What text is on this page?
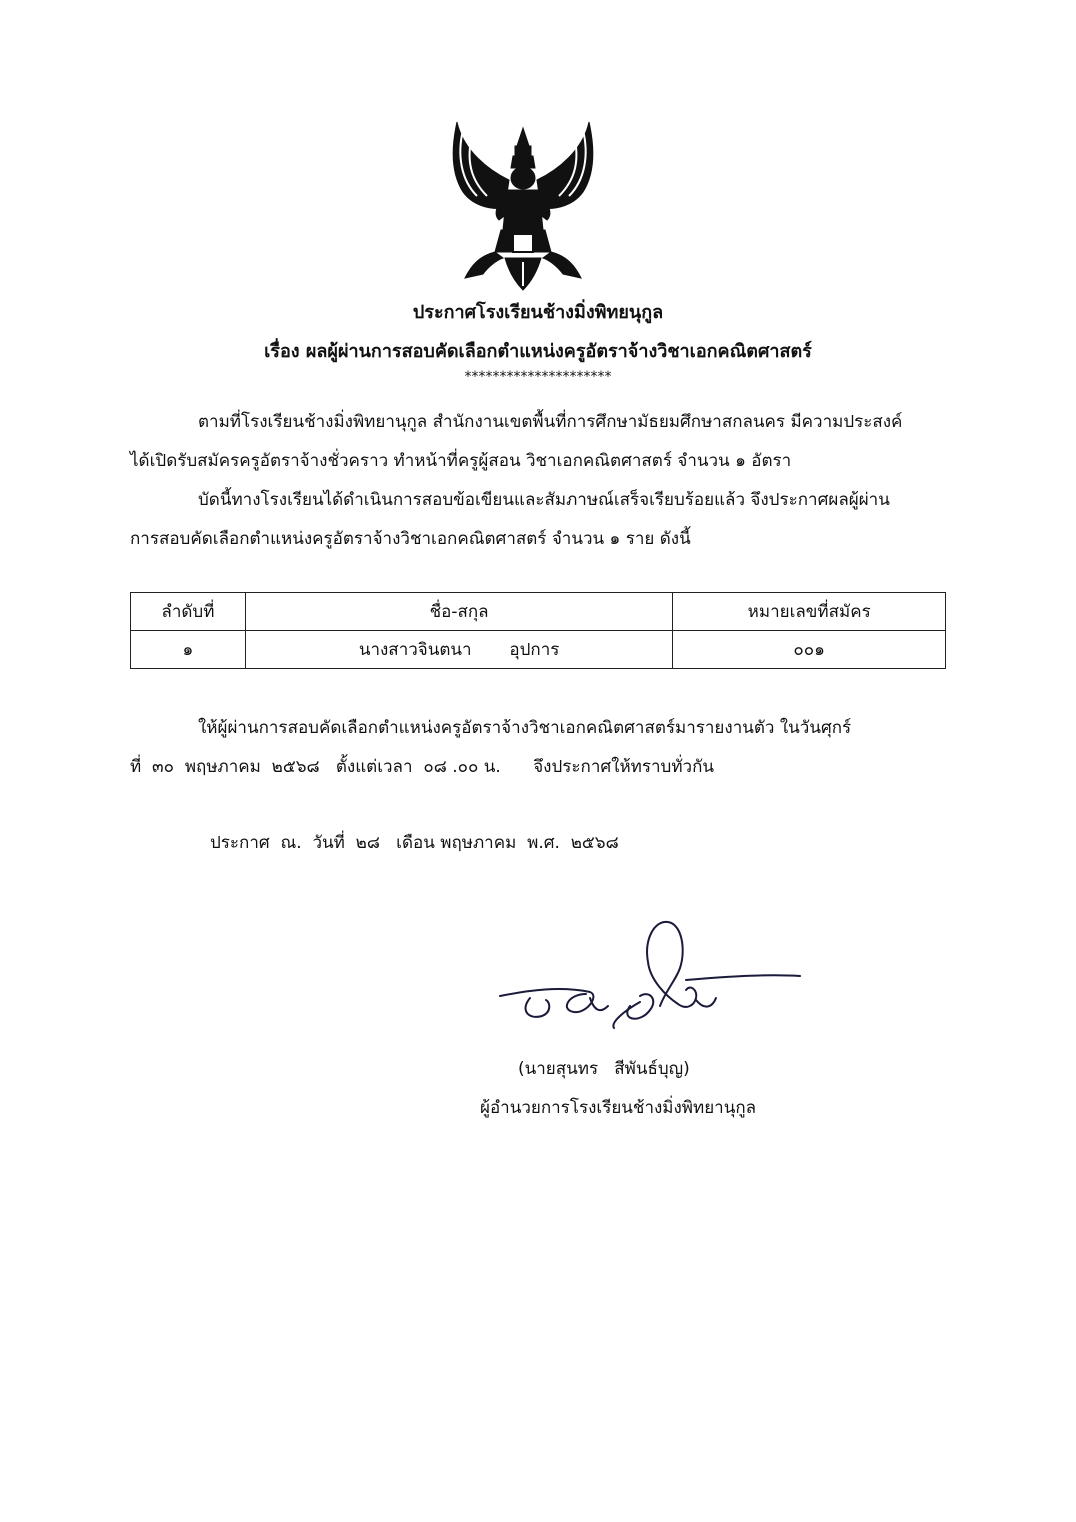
ประกาศโรงเรียนช้างมิ่งพิทยนุกูล
เรื่อง ผลผู้ผ่านการสอบคัดเลือกตำแหน่งครูอัตราจ้างวิชาเอกคณิตศาสตร์
*********************
ตามที่โรงเรียนช้างมิ่งพิทยานุกูล สำนักงานเขตพื้นที่การศึกษามัธยมศึกษาสกลนคร มีความประสงค์
ได้เปิดรับสมัครครูอัตราจ้างชั่วคราว ทำหน้าที่ครูผู้สอน วิชาเอกคณิตศาสตร์ จำนวน ๑ อัตรา
บัดนี้ทางโรงเรียนได้ดำเนินการสอบข้อเขียนและสัมภาษณ์เสร็จเรียบร้อยแล้ว จึงประกาศผลผู้ผ่าน
การสอบคัดเลือกตำแหน่งครูอัตราจ้างวิชาเอกคณิตศาสตร์ จำนวน ๑ ราย ดังนี้
ลำดับที่	ชื่อ-สกุล	หมายเลขที่สมัคร
๑	นางสาวจินตนา       อุปการ	๐๐๑
ให้ผู้ผ่านการสอบคัดเลือกตำแหน่งครูอัตราจ้างวิชาเอกคณิตศาสตร์มารายงานตัว ในวันศุกร์
ที่  ๓๐  พฤษภาคม  ๒๕๖๘   ตั้งแต่เวลา  ๐๘ .๐๐ น.      จึงประกาศให้ทราบทั่วกัน
ประกาศ  ณ.  วันที่  ๒๘   เดือน พฤษภาคม  พ.ศ.  ๒๕๖๘
(นายสุนทร   สีพันธ์บุญ)
ผู้อำนวยการโรงเรียนช้างมิ่งพิทยานุกูล
